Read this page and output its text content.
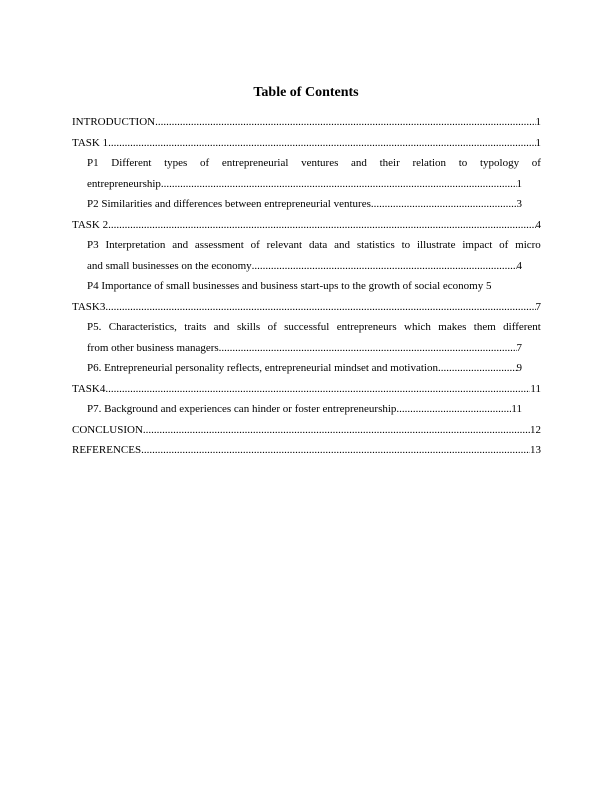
Table of Contents
INTRODUCTION .....	1
TASK 1 .....	1
P1 Different types of entrepreneurial ventures and their relation to typology of
entrepreneurship .....	1
P2 Similarities and differences between entrepreneurial ventures .....	3
TASK 2 .....	4
P3 Interpretation and assessment of relevant data and statistics to illustrate impact of micro
and small businesses on the economy .....	4
P4 Importance of small businesses and business start-ups to the growth of social economy 5
TASK3 .....	7
P5. Characteristics, traits and skills of successful entrepreneurs which makes them different
from other business managers. .....	7
P6. Entrepreneurial personality reflects, entrepreneurial mindset and motivation .....	9
TASK4 .....	11
P7. Background and experiences can hinder or foster entrepreneurship. .....	11
CONCLUSION .....	12
REFERENCES .....	13
